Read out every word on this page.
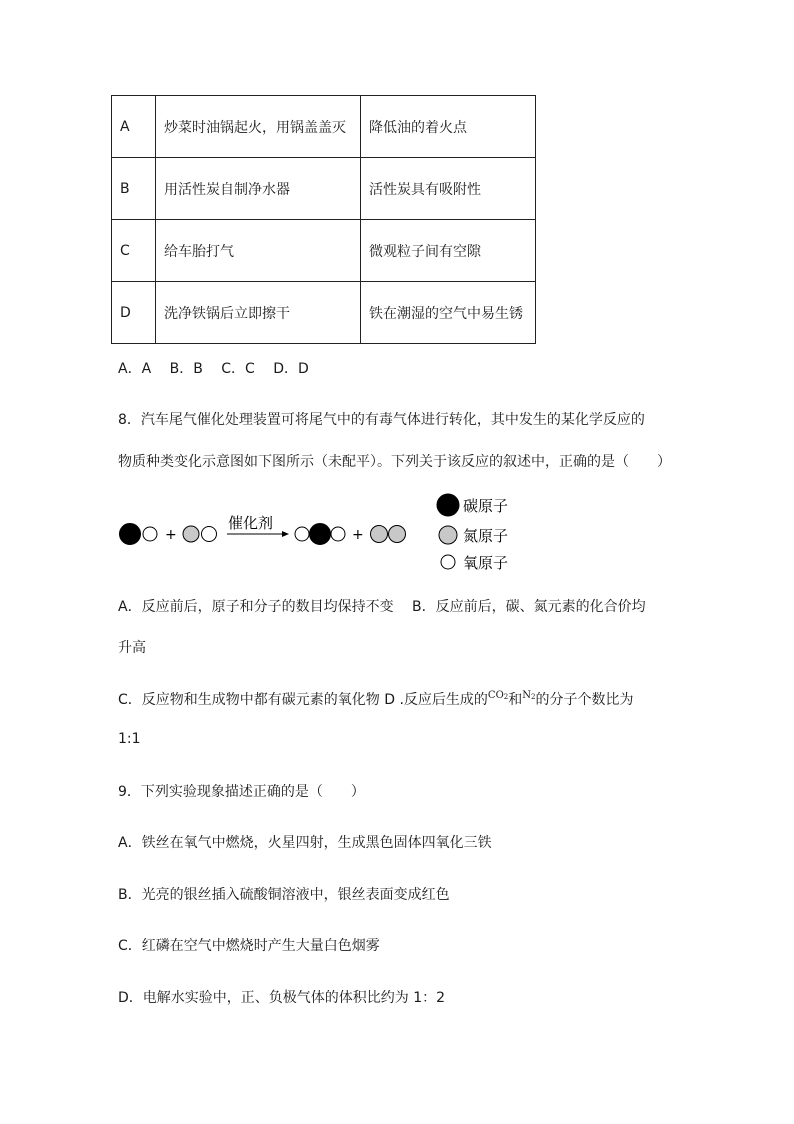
A	炒菜时油锅起火，用锅盖盖灭	降低油的着火点
B	用活性炭自制净水器	活性炭具有吸附性
C	给车胎打气	微观粒子间有空隙
D	洗净铁锅后立即擦干	铁在潮湿的空气中易生锈
A．A　 B．B　 C．C　 D．D
8．汽车尾气催化处理装置可将尾气中的有毒气体进行转化，其中发生的某化学反应的
物质种类变化示意图如下图所示（未配平）。下列关于该反应的叙述中，正确的是（　　）
+
催化剂
+
碳原子
氮原子
氧原子
A．反应前后，原子和分子的数目均保持不变　 B．反应前后，碳、氮元素的化合价均
升高
C．反应物和生成物中都有碳元素的氧化物 D .反应后生成的$^{CO_2}$和$^{N_2}$的分子个数比为
1:1
9．下列实验现象描述正确的是（　　）
A．铁丝在氧气中燃烧，火星四射，生成黑色固体四氧化三铁
B．光亮的银丝插入硫酸铜溶液中，银丝表面变成红色
C．红磷在空气中燃烧时产生大量白色烟雾
D．电解水实验中，正、负极气体的体积比约为 1：2
